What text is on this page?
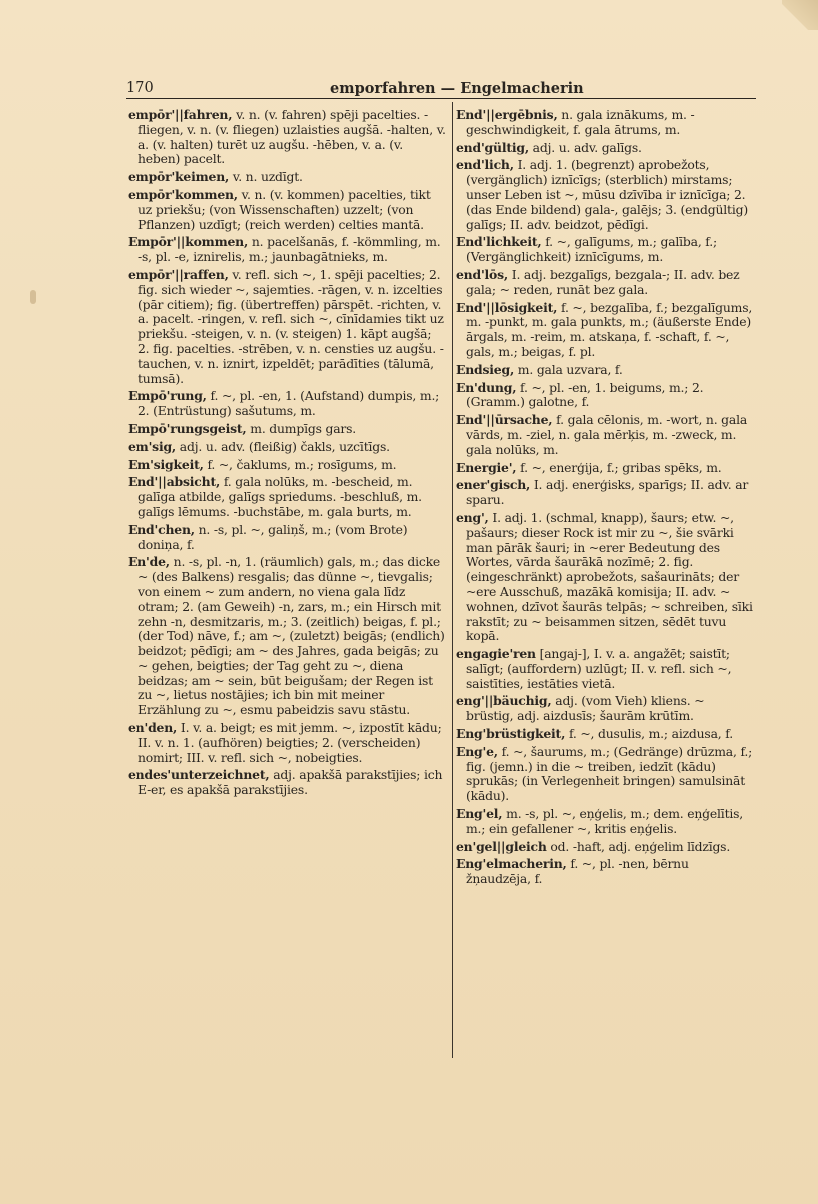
170	emporfahren — Engelmacherin

empōr'||fahren, v. n. (v. fahren) spēji pacelties. -fliegen, v. n. (v. fliegen) uzlaisties augšā. -halten, v. a. (v. halten) turēt uz augšu. -hēben, v. a. (v. heben) pacelt.

empōr'keimen, v. n. uzdīgt.

empōr'kommen, v. n. (v. kommen) pacelties, tikt uz priekšu; (von Wissenschaften) uzzelt; (von Pflanzen) uzdīgt; (reich werden) celties mantā.

Empōr'||kommen, n. pacelšanās, f. -kömmling, m. -s, pl. -e, iznirelis, m.; jaunbagātnieks, m.

empōr'||raffen, v. refl. sich ~, 1. spēji pacelties; 2. fig. sich wieder ~, sajemties. -rāgen, v. n. izcelties (pār citiem); fig. (übertreffen) pārspēt. -richten, v. a. pacelt. -ringen, v. refl. sich ~, cīnīdamies tikt uz priekšu. -steigen, v. n. (v. steigen) 1. kāpt augšā; 2. fig. pacelties. -strēben, v. n. censties uz augšu. -tauchen, v. n. iznirt, izpeldēt; parādīties (tālumā, tumsā).

Empō'rung, f. ~, pl. -en, 1. (Aufstand) dumpis, m.; 2. (Entrüstung) sašutums, m.

Empō'rungsgeist, m. dumpīgs gars.

em'sig, adj. u. adv. (fleißig) čakls, uzcītīgs.

Em'sigkeit, f. ~, čaklums, m.; rosīgums, m.

End'||absicht, f. gala nolūks, m. -bescheid, m. galīga atbilde, galīgs spriedums. -beschluß, m. galīgs lēmums. -buchstābe, m. gala burts, m.

End'chen, n. -s, pl. ~, galiņš, m.; (vom Brote) doniņa, f.

En'de, n. -s, pl. -n, 1. (räumlich) gals, m.; das dicke ~ (des Balkens) resgalis; das dünne ~, tievgalis; von einem ~ zum andern, no viena gala līdz otram; 2. (am Geweih) -n, zars, m.; ein Hirsch mit zehn -n, desmitzaris, m.; 3. (zeitlich) beigas, f. pl.; (der Tod) nāve, f.; am ~, (zuletzt) beigās; (endlich) beidzot; pēdīgi; am ~ des Jahres, gada beigās; zu ~ gehen, beigties; der Tag geht zu ~, diena beidzas; am ~ sein, būt beigušam; der Regen ist zu ~, lietus nostājies; ich bin mit meiner Erzählung zu ~, esmu pabeidzis savu stāstu.

en'den, I. v. a. beigt; es mit jemm. ~, izpostīt kādu; II. v. n. 1. (aufhören) beigties; 2. (verscheiden) nomirt; III. v. refl. sich ~, nobeigties.

endes'unterzeichnet, adj. apakšā parakstījies; ich E-er, es apakšā parakstījies.

End'||ergēbnis, n. gala iznākums, m. -geschwindigkeit, f. gala ātrums, m.

end'gültig, adj. u. adv. galīgs.

end'lich, I. adj. 1. (begrenzt) aprobežots, (vergänglich) iznīcīgs; (sterblich) mirstams; unser Leben ist ~, mūsu dzīvība ir iznīcīga; 2. (das Ende bildend) gala-, galējs; 3. (endgültig) galīgs; II. adv. beidzot, pēdīgi.

End'lichkeit, f. ~, galīgums, m.; galība, f.; (Vergänglichkeit) iznīcīgums, m.

end'lōs, I. adj. bezgalīgs, bezgala-; II. adv. bez gala; ~ reden, runāt bez gala.

End'||lōsigkeit, f. ~, bezgalība, f.; bezgalīgums, m. -punkt, m. gala punkts, m.; (äußerste Ende) ārgals, m. -reim, m. atskaņa, f. -schaft, f. ~, gals, m.; beigas, f. pl.

Endsieg, m. gala uzvara, f.

En'dung, f. ~, pl. -en, 1. beigums, m.; 2. (Gramm.) galotne, f.

End'||ūrsache, f. gala cēlonis, m. -wort, n. gala vārds, m. -ziel, n. gala mērķis, m. -zweck, m. gala nolūks, m.

Energie', f. ~, enerģija, f.; gribas spēks, m.

ener'gisch, I. adj. enerģisks, sparīgs; II. adv. ar sparu.

eng', I. adj. 1. (schmal, knapp), šaurs; etw. ~, pašaurs; dieser Rock ist mir zu ~, šie svārki man pārāk šauri; in ~erer Bedeutung des Wortes, vārda šaurākā nozīmē; 2. fig. (eingeschränkt) aprobežots, sašaurināts; der ~ere Ausschuß, mazākā komisija; II. adv. ~ wohnen, dzīvot šaurās telpās; ~ schreiben, sīki rakstīt; zu ~ beisammen sitzen, sēdēt tuvu kopā.

engagie'ren [angaj-], I. v. a. angažēt; saistīt; salīgt; (auffordern) uzlūgt; II. v. refl. sich ~, saistīties, iestāties vietā.

eng'||bäuchig, adj. (vom Vieh) kliens. ~ brüstig, adj. aizdusīs; šaurām krūtīm.

Eng'brüstigkeit, f. ~, dusulis, m.; aizdusa, f.

Eng'e, f. ~, šaurums, m.; (Gedränge) drūzma, f.; fig. (jemn.) in die ~ treiben, iedzīt (kādu) sprukās; (in Verlegenheit bringen) samulsināt (kādu).

Eng'el, m. -s, pl. ~, eņģelis, m.; dem. eņģelītis, m.; ein gefallener ~, kritis eņģelis.

en'gel||gleich od. -haft, adj. eņģelim līdzīgs.

Eng'elmacherin, f. ~, pl. -nen, bērnu žņaudzēja, f.
